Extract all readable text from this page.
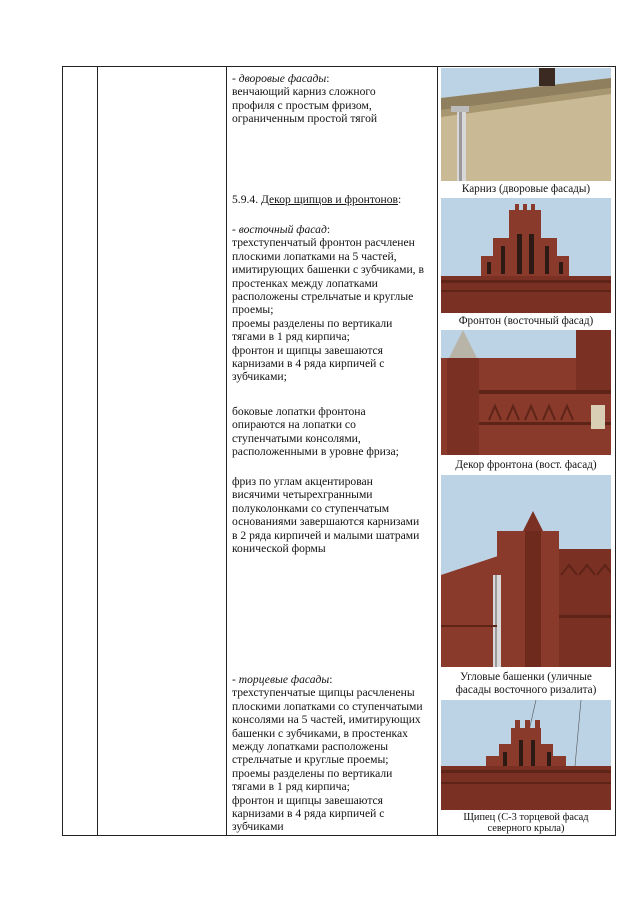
- дворовые фасады:

венчающий карниз сложного

профиля с простым фризом,

ограниченным простой тягой

5.9.4. Декор щипцов и фронтонов:

- восточный фасад:

трехступенчатый фронтон расчленен

плоскими лопатками на 5 частей,

имитирующих башенки с зубчиками, в

простенках между лопатками

расположены стрельчатые и круглые

проемы;

проемы разделены по вертикали

тягами в 1 ряд кирпича;

фронтон и щипцы завешаются

карнизами в 4 ряда кирпичей с

зубчиками;

боковые лопатки фронтона

опираются на лопатки со

ступенчатыми консолями,

расположенными в уровне фриза;

фриз по углам акцентирован

висячими четырехгранными

полуколонками со ступенчатым

основаниями завершаются карнизами

в 2 ряда кирпичей и малыми шатрами

конической формы

- торцевые фасады:

трехступенчатые щипцы расчленены

плоскими лопатками со ступенчатыми

консолями на 5 частей, имитирующих

башенки с зубчиками, в простенках

между лопатками расположены

стрельчатые и круглые проемы;

проемы разделены по вертикали

тягами в 1 ряд кирпича;

фронтон и щипцы завешаются

карнизами в 4 ряда кирпичей с

зубчиками

Карниз (дворовые фасады)
Фронтон (восточный фасад)
Декор фронтона (вост. фасад)
Угловые башенки (уличные
фасады восточного ризалита)
Щипец (С-3 торцевой фасад
северного крыла)
